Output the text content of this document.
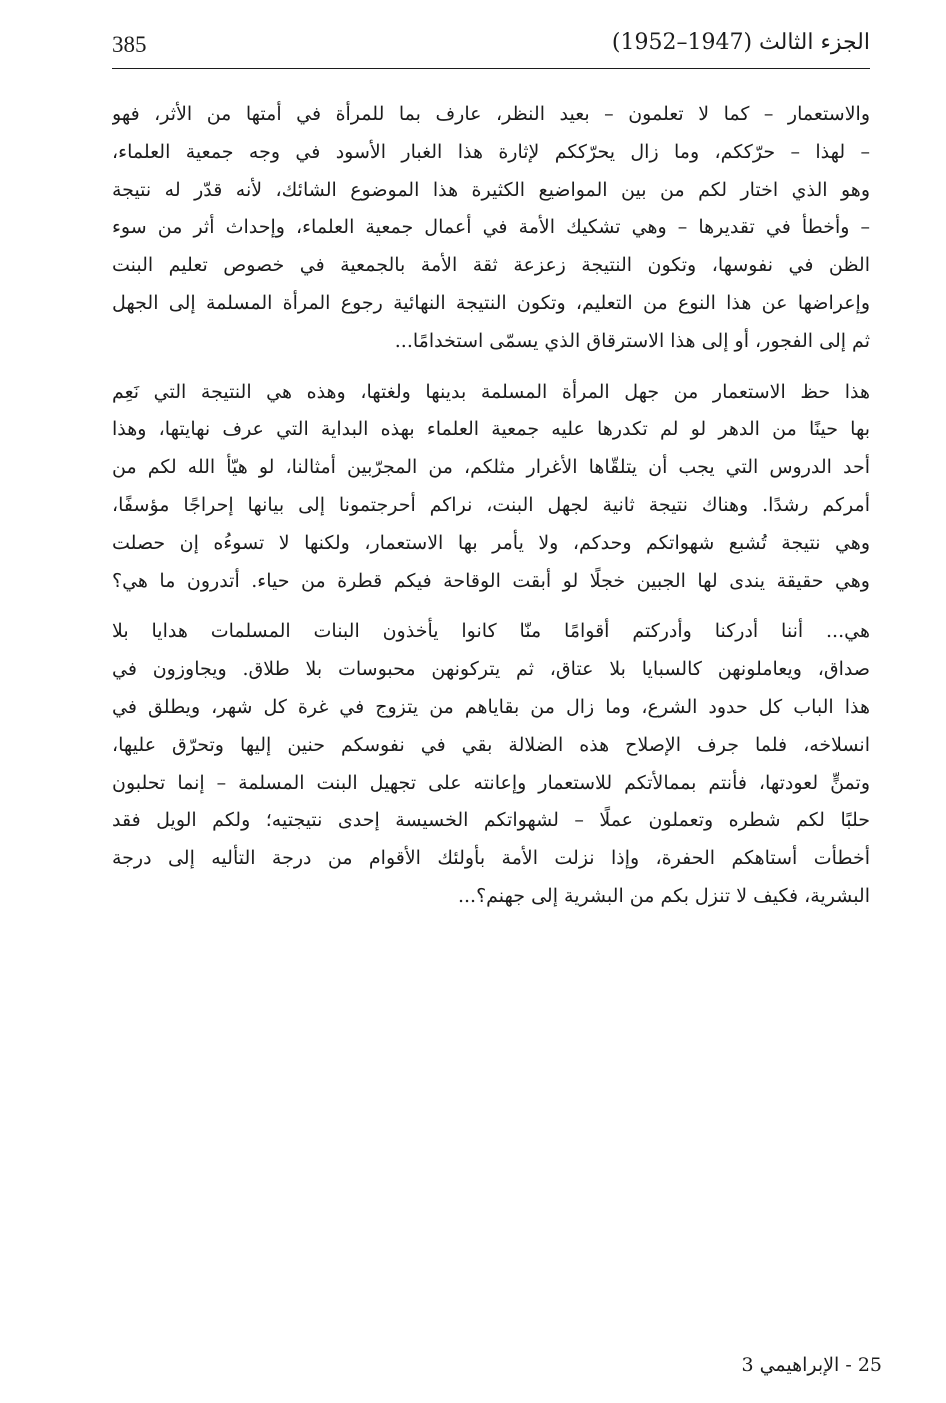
385	الجزء الثالث (1947–1952)

والاستعمار – كما لا تعلمون – بعيد النظر، عارف بما للمرأة في أمتها من الأثر، فهو
– لهذا – حرّككم، وما زال يحرّككم لإثارة هذا الغبار الأسود في وجه جمعية العلماء،
وهو الذي اختار لكم من بين المواضيع الكثيرة هذا الموضوع الشائك، لأنه قدّر له نتيجة
– وأخطأ في تقديرها – وهي تشكيك الأمة في أعمال جمعية العلماء، وإحداث أثر من سوء
الظن في نفوسها، وتكون النتيجة زعزعة ثقة الأمة بالجمعية في خصوص تعليم البنت
وإعراضها عن هذا النوع من التعليم، وتكون النتيجة النهائية رجوع المرأة المسلمة إلى الجهل
ثم إلى الفجور، أو إلى هذا الاسترقاق الذي يسمّى استخدامًا...

هذا حظ الاستعمار من جهل المرأة المسلمة بدينها ولغتها، وهذه هي النتيجة التي نَعِم
بها حينًا من الدهر لو لم تكدرها عليه جمعية العلماء بهذه البداية التي عرف نهايتها، وهذا
أحد الدروس التي يجب أن يتلقّاها الأغرار مثلكم، من المجرّبين أمثالنا، لو هيّأ الله لكم من
أمركم رشدًا. وهناك نتيجة ثانية لجهل البنت، نراكم أحرجتمونا إلى بيانها إحراجًا مؤسفًا،
وهي نتيجة تُشبع شهواتكم وحدكم، ولا يأمر بها الاستعمار، ولكنها لا تسوءُه إن حصلت
وهي حقيقة يندى لها الجبين خجلًا لو أبقت الوقاحة فيكم قطرة من حياء. أتدرون ما هي؟

هي... أننا أدركنا وأدركتم أقوامًا منّا كانوا يأخذون البنات المسلمات هدايا بلا
صداق، ويعاملونهن كالسبايا بلا عتاق، ثم يتركونهن محبوسات بلا طلاق. ويجاوزون في
هذا الباب كل حدود الشرع، وما زال من بقاياهم من يتزوج في غرة كل شهر، ويطلق في
انسلاخه، فلما جرف الإصلاح هذه الضلالة بقي في نفوسكم حنين إليها وتحرّق عليها،
وتمنٍّ لعودتها، فأنتم بممالأتكم للاستعمار وإعانته على تجهيل البنت المسلمة – إنما تحلبون
حلبًا لكم شطره وتعملون عملًا – لشهواتكم الخسيسة إحدى نتيجتيه؛ ولكم الويل فقد
أخطأت أستاهكم الحفرة، وإذا نزلت الأمة بأولئك الأقوام من درجة التأليه إلى درجة
البشرية، فكيف لا تنزل بكم من البشرية إلى جهنم؟...

25 - الإبراهيمي 3
